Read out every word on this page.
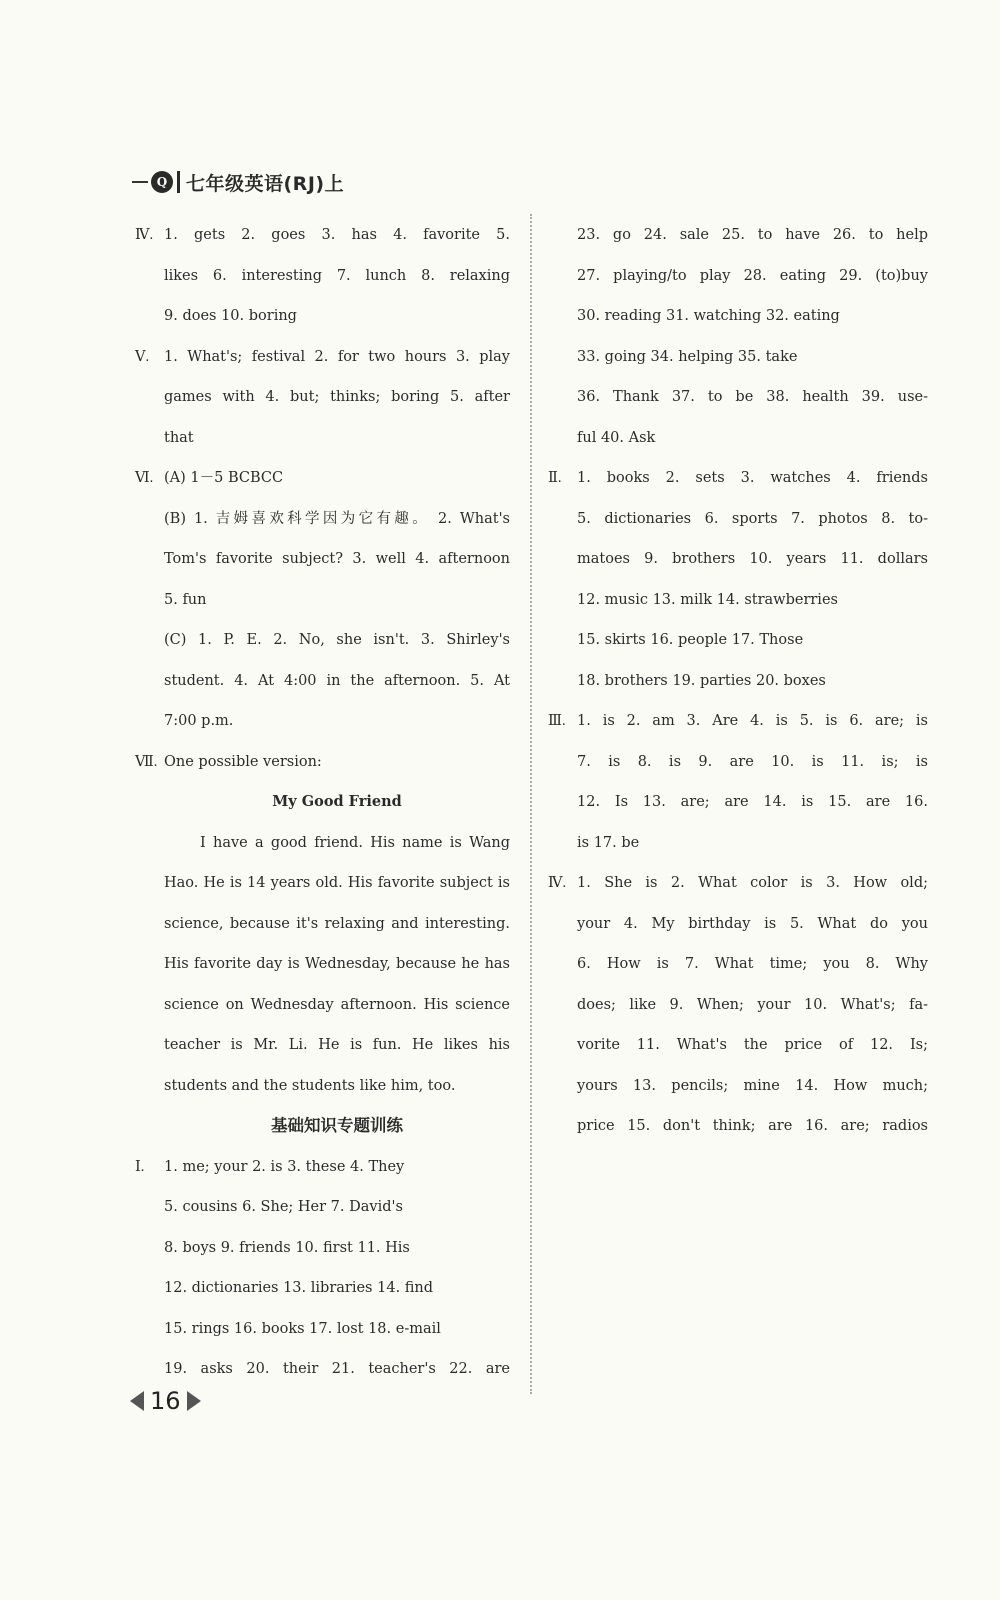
Q 七年级英语(RJ)上
Ⅳ. 1. gets 2. goes 3. has 4. favorite 5.
likes 6. interesting 7. lunch 8. relaxing
9. does 10. boring
Ⅴ. 1. What's; festival 2. for two hours 3. play
games with 4. but; thinks; boring 5. after
that
Ⅵ. (A) 1－5 BCBCC
(B) 1. 吉姆喜欢科学因为它有趣。 2. What's
Tom's favorite subject? 3. well 4. afternoon
5. fun
(C) 1. P. E. 2. No, she isn't. 3. Shirley's
student. 4. At 4:00 in the afternoon. 5. At
7:00 p.m.
Ⅶ. One possible version:
My Good Friend
I have a good friend. His name is Wang
Hao. He is 14 years old. His favorite subject is
science, because it's relaxing and interesting.
His favorite day is Wednesday, because he has
science on Wednesday afternoon. His science
teacher is Mr. Li. He is fun. He likes his
students and the students like him, too.
基础知识专题训练
Ⅰ. 1. me; your 2. is 3. these 4. They
5. cousins 6. She; Her 7. David's
8. boys 9. friends 10. first 11. His
12. dictionaries 13. libraries 14. find
15. rings 16. books 17. lost 18. e-mail
19. asks 20. their 21. teacher's 22. are
23. go 24. sale 25. to have 26. to help
27. playing/to play 28. eating 29. (to)buy
30. reading 31. watching 32. eating
33. going 34. helping 35. take
36. Thank 37. to be 38. health 39. use-
ful 40. Ask
Ⅱ. 1. books 2. sets 3. watches 4. friends
5. dictionaries 6. sports 7. photos 8. to-
matoes 9. brothers 10. years 11. dollars
12. music 13. milk 14. strawberries
15. skirts 16. people 17. Those
18. brothers 19. parties 20. boxes
Ⅲ. 1. is 2. am 3. Are 4. is 5. is 6. are; is
7. is 8. is 9. are 10. is 11. is; is
12. Is 13. are; are 14. is 15. are 16.
is 17. be
Ⅳ. 1. She is 2. What color is 3. How old;
your 4. My birthday is 5. What do you
6. How is 7. What time; you 8. Why
does; like 9. When; your 10. What's; fa-
vorite 11. What's the price of 12. Is;
yours 13. pencils; mine 14. How much;
price 15. don't think; are 16. are; radios
16
